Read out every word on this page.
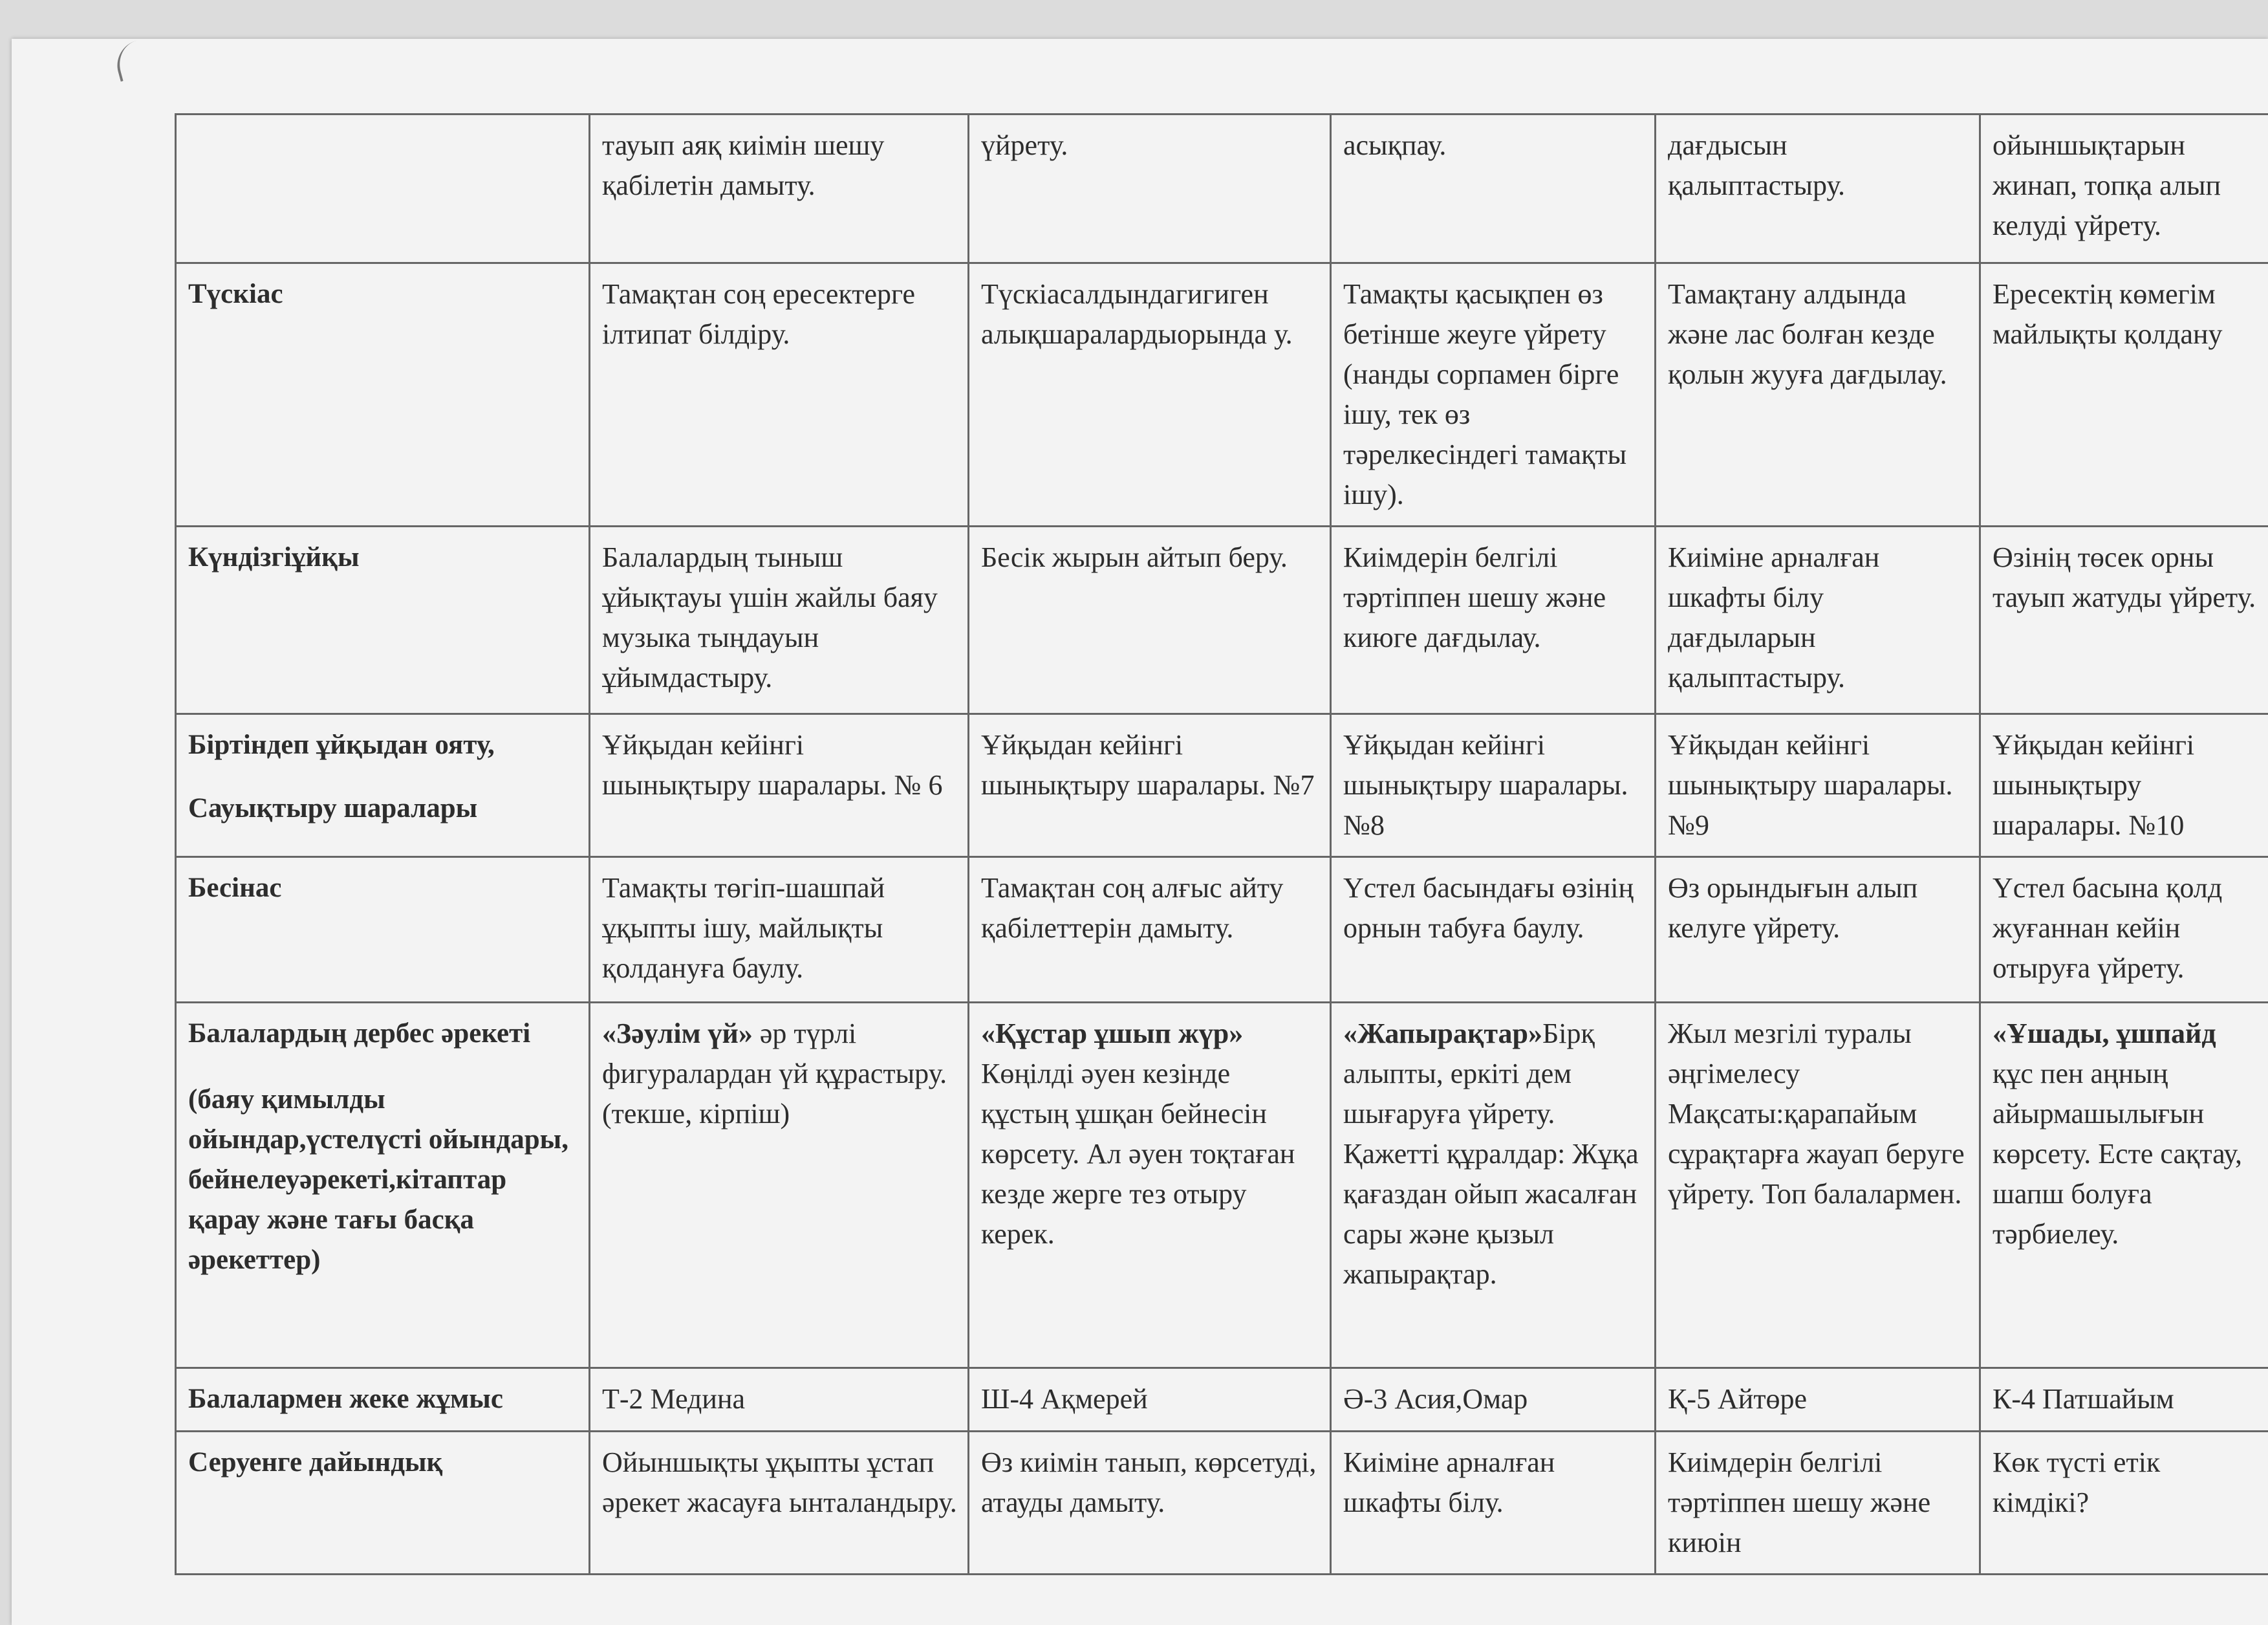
	тауып аяқ киімін шешу қабілетін дамыту.	үйрету.	асықпау.	дағдысын қалыптастыру.	ойыншықтарын жинап, топқа алып келуді үйрету.
Түскіас	Тамақтан соң ересектерге ілтипат білдіру.	Түскіасалдындагигиген алықшаралардыорында у.	Тамақты қасықпен өз бетінше жеуге үйрету (нанды сорпамен бірге ішу, тек өз тәрелкесіндегі тамақты ішу).	Тамақтану алдында және лас болған кезде қолын жууға дағдылау.	Ересектің көмегім майлықты қолдану
Күндізгіұйқы	Балалардың тыныш ұйықтауы үшін жайлы баяу музыка тыңдауын ұйымдастыру.	Бесік жырын айтып беру.	Киімдерін белгілі тәртіппен шешу және киюге дағдылау.	Киіміне арналған шкафты білу дағдыларын қалыптастыру.	Өзінің төсек орны тауып жатуды үйрету.

Біртіндеп ұйқыдан ояту,

Сауықтыру шаралары	Ұйқыдан кейінгі шынықтыру шаралары. № 6	Ұйқыдан кейінгі шынықтыру шаралары. №7	Ұйқыдан кейінгі шынықтыру шаралары. №8	Ұйқыдан кейінгі шынықтыру шаралары. №9	Ұйқыдан кейінгі шынықтыру шаралары. №10
Бесінас	Тамақты төгіп-шашпай ұқыпты ішу, майлықты қолдануға баулу.	Тамақтан соң алғыс айту қабілеттерін дамыту.	Үстел басындағы өзінің орнын табуға баулу.	Өз орындығын алып келуге үйрету.	Үстел басына қолд жуғаннан кейін отыруға үйрету.

Балалардың дербес әрекеті

(баяу қимылды ойындар,үстелүсті ойындары, бейнелеуәрекеті,кітаптар қарау және тағы басқа әрекеттер)	«Зәулім үй» әр түрлі фигуралардан үй құрастыру. (текше, кірпіш)	«Құстар ұшып жүр» Көңілді әуен кезінде құстың ұшқан бейнесін көрсету. Ал әуен тоқтаған кезде жерге тез отыру керек.	«Жапырақтар»Бірқ алыпты, еркіті дем шығаруға үйрету. Қажетті құралдар: Жұқа қағаздан ойып жасалған сары және қызыл жапырақтар.	Жыл мезгілі туралы әңгімелесу Мақсаты:қарапайым сұрақтарға жауап беруге үйрету. Топ балалармен.	«Ұшады, ұшпайд құс пен аңның айырмашылығын көрсету. Есте сақтау, шапш болуға тәрбиелеу.
Балалармен жеке жұмыс	Т-2 Медина	Ш-4 Ақмерей	Ә-3 Асия,Омар	Қ-5 Айтөре	К-4 Патшайым
Серуенге дайындық	Ойыншықты ұқыпты ұстап әрекет жасауға ынталандыру.	Өз киімін танып, көрсетуді, атауды дамыту.	Киіміне арналған шкафты білу.	Киімдерін белгілі тәртіппен шешу және киюін	Көк түсті етік кімдікі?
